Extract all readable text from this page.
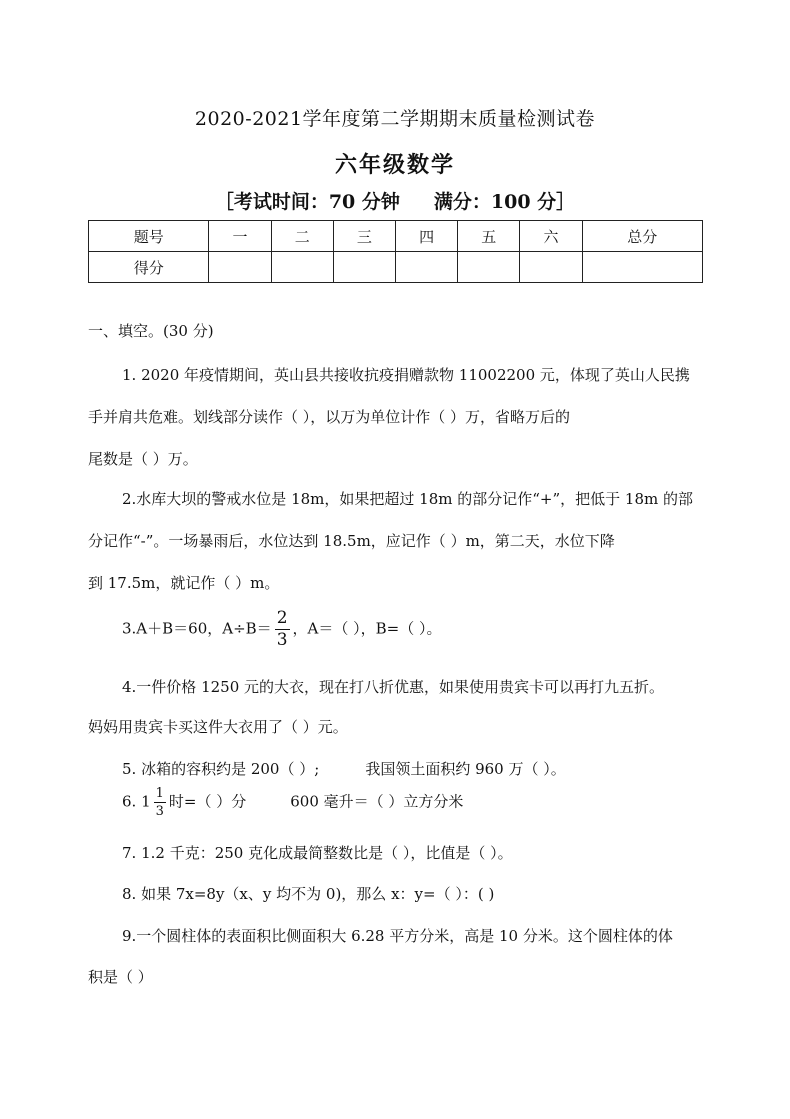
2020-2021学年度第二学期期末质量检测试卷
六年级数学
［考试时间：70 分钟 满分：100 分］
题号	一	二	三	四	五	六	总分
得分							
一、填空。(30 分)
1. 2020 年疫情期间，英山县共接收抗疫捐赠款物 11002200 元，体现了英山人民携
手并肩共危难。划线部分读作（ ），以万为单位计作（ ）万，省略万后的
尾数是（ ）万。
2.水库大坝的警戒水位是 18m，如果把超过 18m 的部分记作“+”，把低于 18m 的部
分记作“-”。一场暴雨后，水位达到 18.5m，应记作（ ）m，第二天，水位下降
到 17.5m，就记作（ ）m。
3.A＋B＝60，$A\div B= \frac{2}{3}$ ，A＝（ ），B=（ ）。
4.一件价格 1250 元的大衣，现在打八折优惠，如果使用贵宾卡可以再打九五折。
妈妈用贵宾卡买这件大衣用了（ ）元。
5. 冰箱的容积约是 200（ ）;	我国领土面积约 960 万（ ）。
6. $1 \frac{1}{3}$ 时=（ ）分	600 毫升＝（ ）立方分米
7. 1.2 千克：250 克化成最简整数比是（ ），比值是（ ）。
8. 如果 7x=8y（x、y 均不为 0)，那么 x：y=（ ）：( )
9.一个圆柱体的表面积比侧面积大 6.28 平方分米，高是 10 分米。这个圆柱体的体
积是（ ）
